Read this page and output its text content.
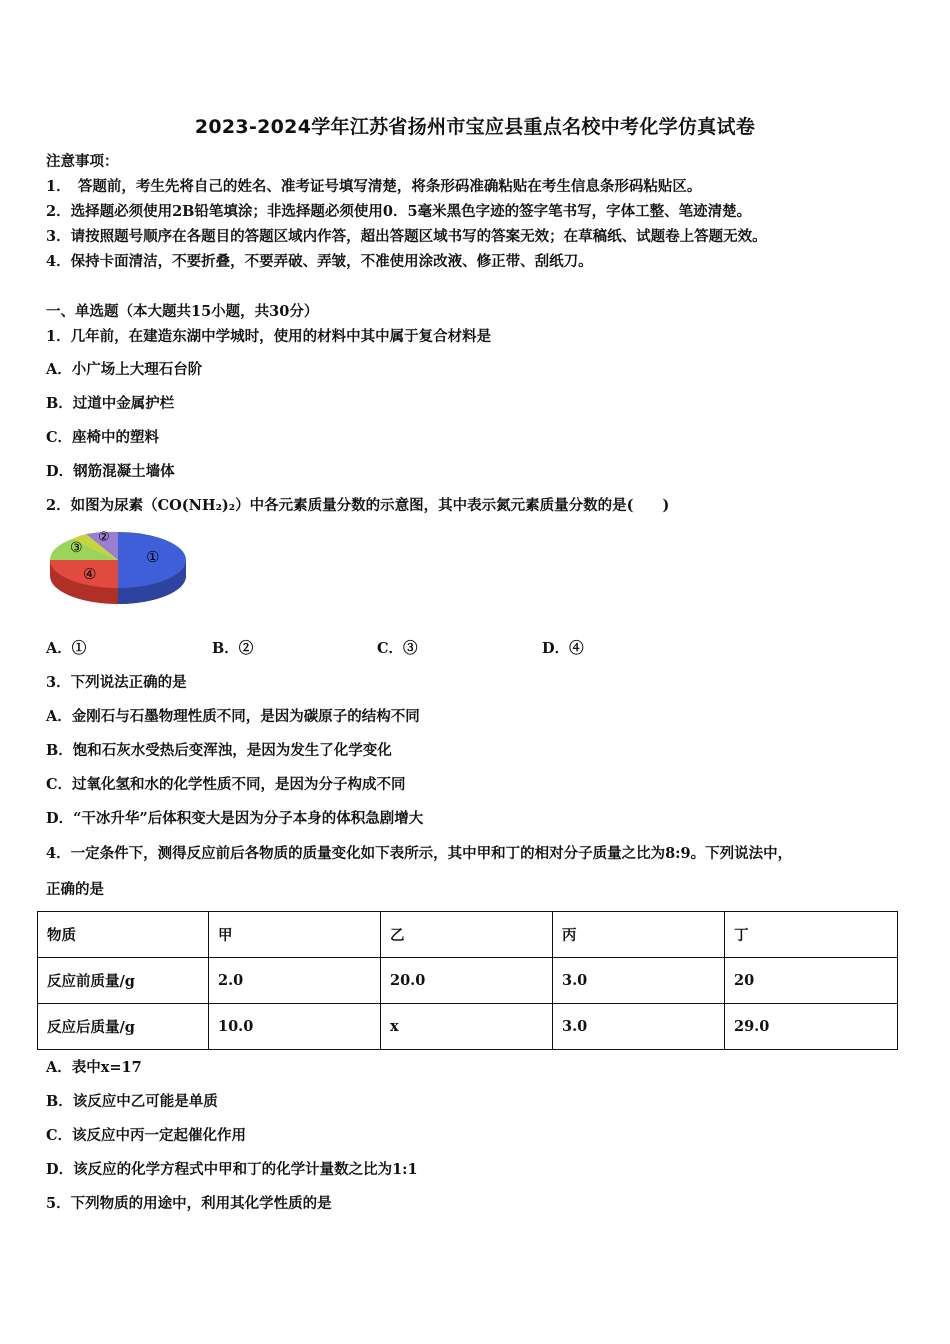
2023-2024学年江苏省扬州市宝应县重点名校中考化学仿真试卷
注意事项：
1．　答题前，考生先将自己的姓名、准考证号填写清楚，将条形码准确粘贴在考生信息条形码粘贴区。
2．选择题必须使用2B铅笔填涂；非选择题必须使用0．5毫米黑色字迹的签字笔书写，字体工整、笔迹清楚。
3．请按照题号顺序在各题目的答题区域内作答，超出答题区域书写的答案无效；在草稿纸、试题卷上答题无效。
4．保持卡面清洁，不要折叠，不要弄破、弄皱，不准使用涂改液、修正带、刮纸刀。
一、单选题（本大题共15小题，共30分）
1．几年前，在建造东湖中学城时，使用的材料中其中属于复合材料是
A．小广场上大理石台阶
B．过道中金属护栏
C．座椅中的塑料
D．钢筋混凝土墙体
2．如图为尿素（CO(NH₂)₂）中各元素质量分数的示意图，其中表示氮元素质量分数的是(　　)
①
②
③
④
A．①	B．②	C．③	D．④
3．下列说法正确的是
A．金刚石与石墨物理性质不同，是因为碳原子的结构不同
B．饱和石灰水受热后变浑浊，是因为发生了化学变化
C．过氧化氢和水的化学性质不同，是因为分子构成不同
D．“干冰升华”后体积变大是因为分子本身的体积急剧增大
4．一定条件下，测得反应前后各物质的质量变化如下表所示，其中甲和丁的相对分子质量之比为8:9。下列说法中，
正确的是
物质	甲	乙	丙	丁
反应前质量/g	2.0	20.0	3.0	20
反应后质量/g	10.0	x	3.0	29.0
A．表中x=17
B．该反应中乙可能是单质
C．该反应中丙一定起催化作用
D．该反应的化学方程式中甲和丁的化学计量数之比为1:1
5．下列物质的用途中，利用其化学性质的是
